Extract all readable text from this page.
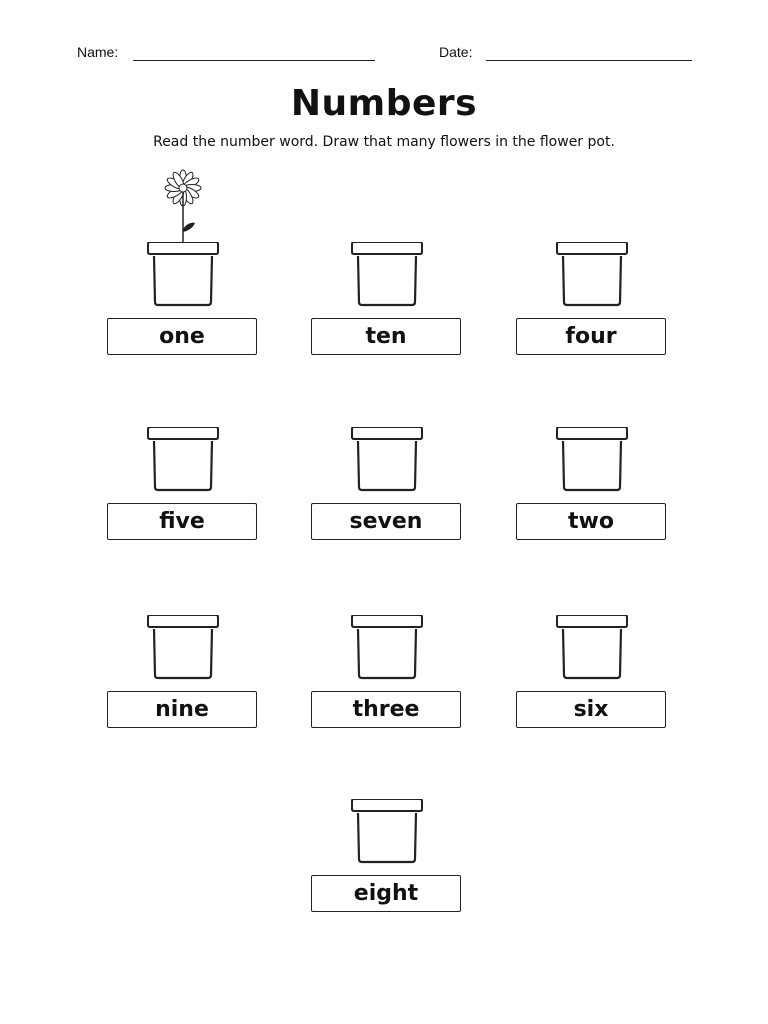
Name:	Date:
Numbers
Read the number word. Draw that many flowers in the flower pot.
one	ten	four
five	seven	two
nine	three	six
eight
